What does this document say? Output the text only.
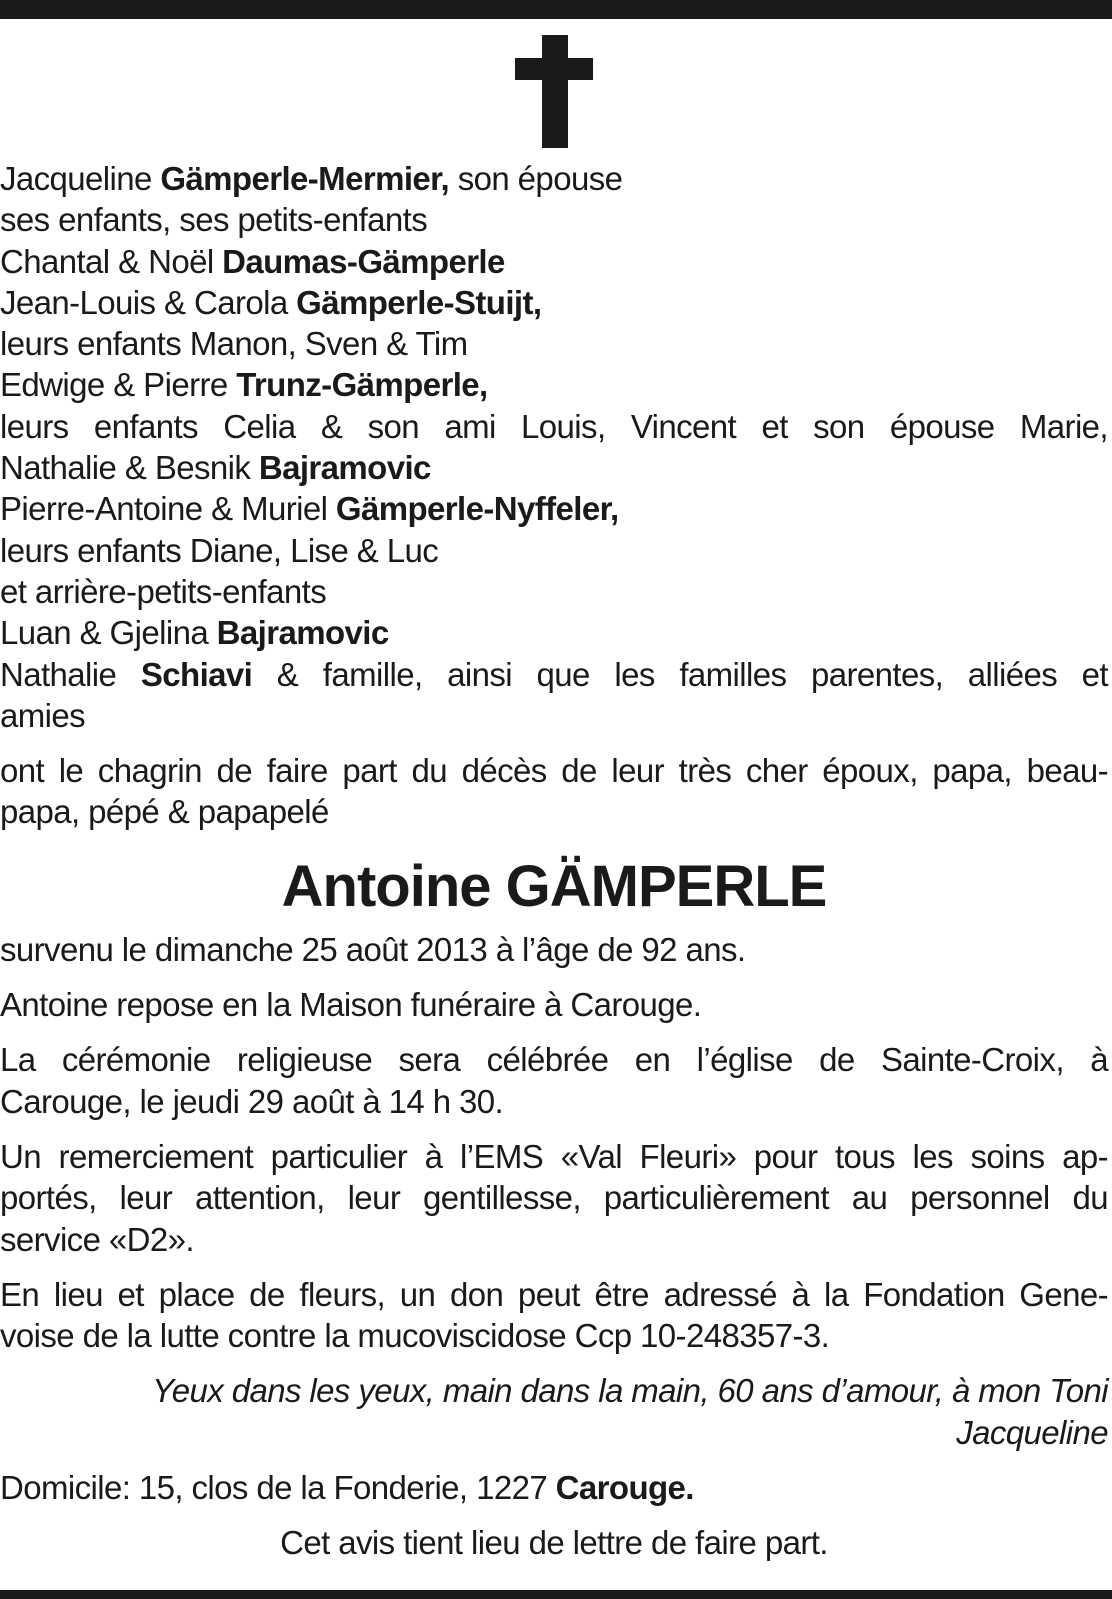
Jacqueline Gämperle-Mermier, son épouse
ses enfants, ses petits-enfants
Chantal & Noël Daumas-Gämperle
Jean-Louis & Carola Gämperle-Stuijt,
leurs enfants Manon, Sven & Tim
Edwige & Pierre Trunz-Gämperle,
leurs enfants Celia & son ami Louis, Vincent et son épouse Marie,
Nathalie & Besnik Bajramovic
Pierre-Antoine & Muriel Gämperle-Nyffeler,
leurs enfants Diane, Lise & Luc
et arrière-petits-enfants
Luan & Gjelina Bajramovic
Nathalie Schiavi & famille, ainsi que les familles parentes, alliées et
amies
ont le chagrin de faire part du décès de leur très cher époux, papa, beau-
papa, pépé & papapelé
Antoine GÄMPERLE
survenu le dimanche 25 août 2013 à l’âge de 92 ans.
Antoine repose en la Maison funéraire à Carouge.
La cérémonie religieuse sera célébrée en l’église de Sainte-Croix, à
Carouge, le jeudi 29 août à 14 h 30.
Un remerciement particulier à l’EMS «Val Fleuri» pour tous les soins ap-
portés, leur attention, leur gentillesse, particulièrement au personnel du
service «D2».
En lieu et place de fleurs, un don peut être adressé à la Fondation Gene-
voise de la lutte contre la mucoviscidose Ccp 10-248357-3.
Yeux dans les yeux, main dans la main, 60 ans d’amour, à mon Toni
Jacqueline
Domicile: 15, clos de la Fonderie, 1227 Carouge.
Cet avis tient lieu de lettre de faire part.
